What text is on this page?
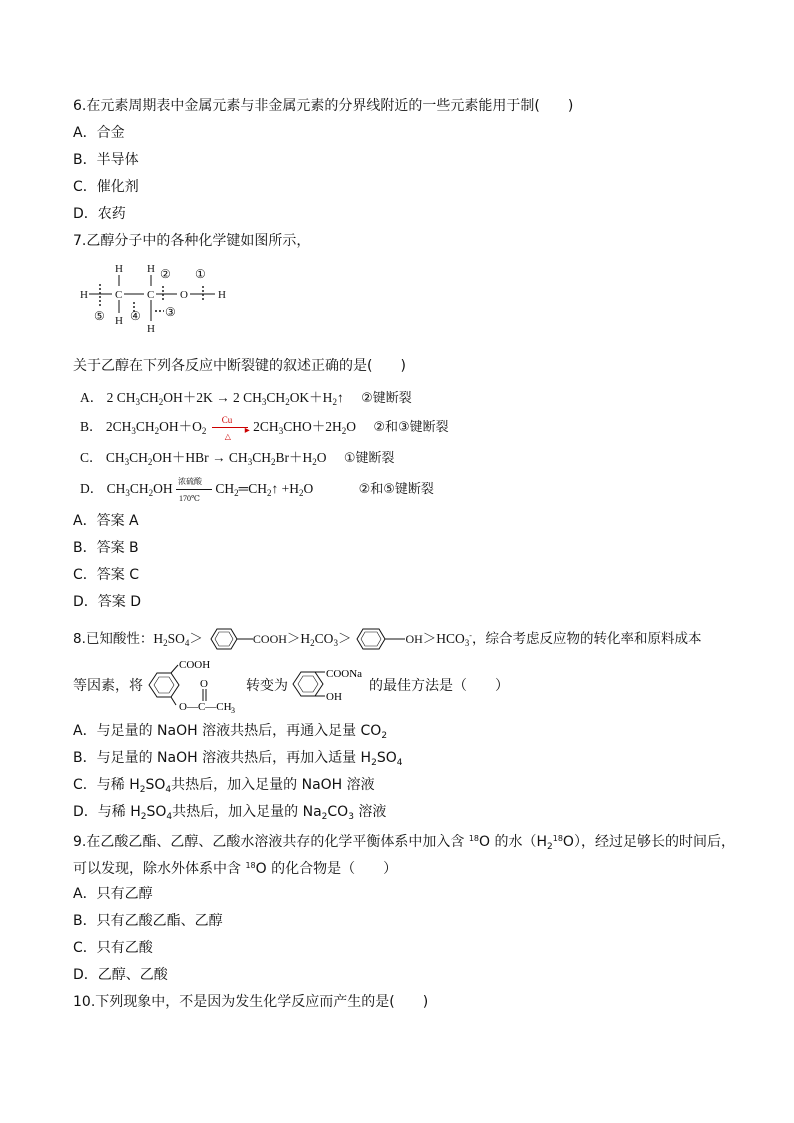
6.在元素周期表中金属元素与非金属元素的分界线附近的一些元素能用于制(　　)
A．合金
B．半导体
C．催化剂
D．农药
7.乙醇分子中的各种化学键如图所示，
H
H
H
H
H
H
C C O
①
②
③
④
⑤
关于乙醇在下列各反应中断裂键的叙述正确的是(　　)
A． 2 $CH_3CH_2OH+2K \to 2$ $CH_3CH_2OK+H_2↑$ ②键断裂
B． $2CH_3CH_2OH+O_2$
Cu
▸
△
$2CH_3CHO+2H_2O$ ②和③键断裂
C． $CH_3CH_2OH+HBr \to CH_3CH_2Br+H_2O$ ①键断裂
D． $CH_3CH_2OH$ 浓硫酸
170℃
$CH_2═CH_2↑ +H_2O$	②和⑤键断裂
A．答案 A
B．答案 B
C．答案 C
D．答案 D
8.已知酸性：$H_2SO_4>$	$COOH>H_2CO_3>$	$OH>HCO_3^-$，综合考虑反应物的转化率和原料成本
等因素，将
COOH
O—C—CH 3
O	转变为
COONa
OH
的最佳方法是（　　）
A．与足量的 NaOH 溶液共热后，再通入足量 $CO_2$
B．与足量的 NaOH 溶液共热后，再加入适量 $H_2SO_4$
C．与稀 $H_2SO_4$共热后，加入足量的 NaOH 溶液
D．与稀 $H_2SO_4$共热后，加入足量的 $Na_2CO_3$ 溶液
9.在乙酸乙酯、乙醇、乙酸水溶液共存的化学平衡体系中加入含 $^{18}$O 的水$(H_2^{18}O)$，经过足够长的时间后，
可以发现，除水外体系中含 $^{18}$O 的化合物是（　　）
A．只有乙醇
B．只有乙酸乙酯、乙醇
C．只有乙酸
D．乙醇、乙酸
10.下列现象中，不是因为发生化学反应而产生的是(　　)
